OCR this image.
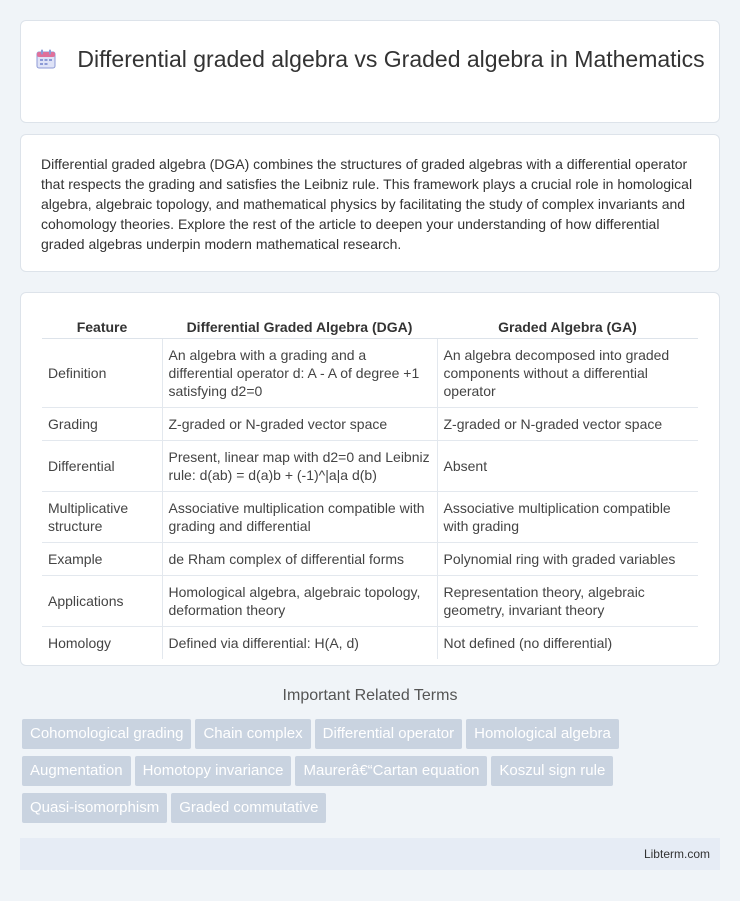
Differential graded algebra vs Graded algebra in Mathematics

Differential graded algebra (DGA) combines the structures of graded algebras with a differential operator that respects the grading and satisfies the Leibniz rule. This framework plays a crucial role in homological algebra, algebraic topology, and mathematical physics by facilitating the study of complex invariants and cohomology theories. Explore the rest of the article to deepen your understanding of how differential graded algebras underpin modern mathematical research.

Feature	Differential Graded Algebra (DGA)	Graded Algebra (GA)
Definition	An algebra with a grading and a differential operator d: A - A of degree +1 satisfying d2=0	An algebra decomposed into graded components without a differential operator
Grading	Z-graded or N-graded vector space	Z-graded or N-graded vector space
Differential	Present, linear map with d2=0 and Leibniz rule: d(ab) = d(a)b + (-1)^|a|a d(b)	Absent
Multiplicative structure	Associative multiplication compatible with grading and differential	Associative multiplication compatible with grading
Example	de Rham complex of differential forms	Polynomial ring with graded variables
Applications	Homological algebra, algebraic topology, deformation theory	Representation theory, algebraic geometry, invariant theory
Homology	Defined via differential: H(A, d)	Not defined (no differential)
Important Related Terms
Cohomological grading Chain complex Differential operator Homological algebra
Augmentation Homotopy invariance Maurerâ€“Cartan equation Koszul sign rule
Quasi-isomorphism Graded commutative
Libterm.com
